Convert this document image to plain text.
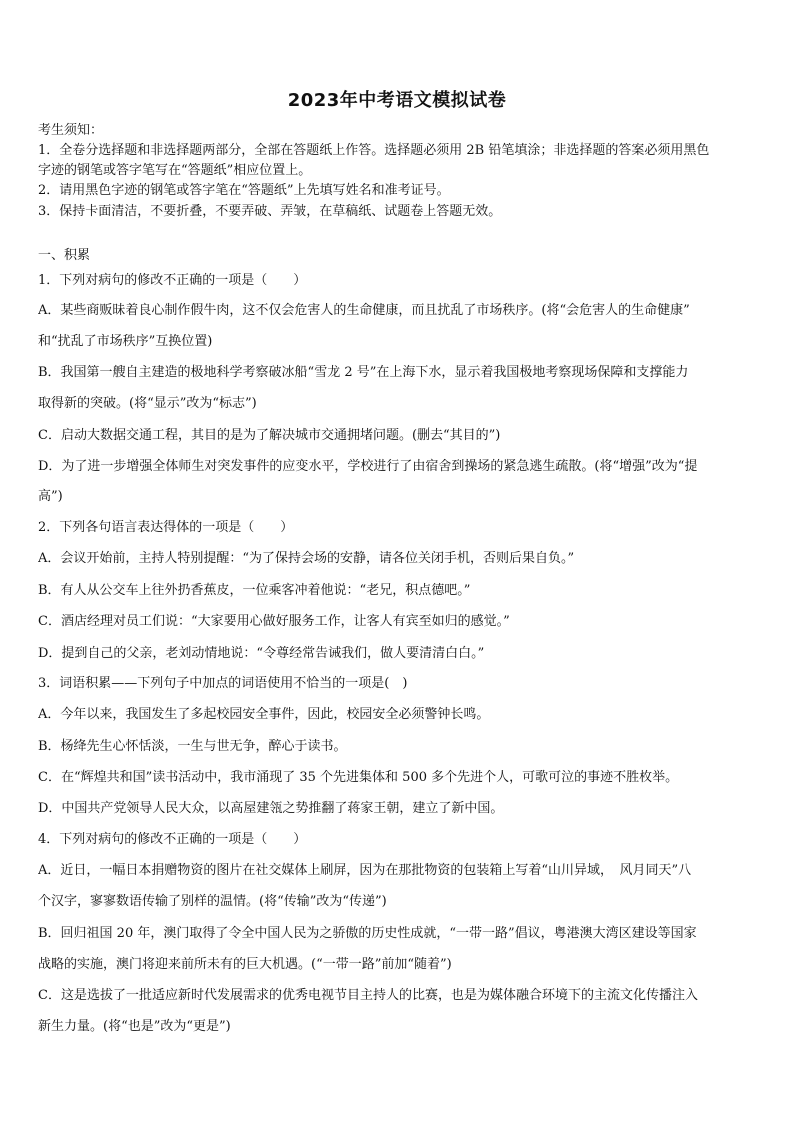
2023年中考语文模拟试卷
考生须知：
1．全卷分选择题和非选择题两部分，全部在答题纸上作答。选择题必须用 2B 铅笔填涂；非选择题的答案必须用黑色
字迹的钢笔或答字笔写在“答题纸”相应位置上。
2．请用黑色字迹的钢笔或答字笔在“答题纸”上先填写姓名和准考证号。
3．保持卡面清洁，不要折叠，不要弄破、弄皱，在草稿纸、试题卷上答题无效。
一、积累
1．下列对病句的修改不正确的一项是（　　）
A．某些商贩昧着良心制作假牛肉，这不仅会危害人的生命健康，而且扰乱了市场秩序。(将“会危害人的生命健康”
和“扰乱了市场秩序”互换位置)
B．我国第一艘自主建造的极地科学考察破冰船“雪龙 2 号”在上海下水，显示着我国极地考察现场保障和支撑能力
取得新的突破。(将“显示”改为“标志”)
C．启动大数据交通工程，其目的是为了解决城市交通拥堵问题。(删去“其目的”)
D．为了进一步增强全体师生对突发事件的应变水平，学校进行了由宿舍到操场的紧急逃生疏散。(将“增强”改为“提
高”)
2．下列各句语言表达得体的一项是（　　）
A．会议开始前，主持人特别提醒：“为了保持会场的安静，请各位关闭手机，否则后果自负。”
B．有人从公交车上往外扔香蕉皮，一位乘客冲着他说：“老兄，积点德吧。”
C．酒店经理对员工们说：“大家要用心做好服务工作，让客人有宾至如归的感觉。”
D．提到自己的父亲，老刘动情地说：“令尊经常告诫我们，做人要清清白白。”
3．词语积累——下列句子中加点的词语使用不恰当的一项是(　)
A．今年以来，我国发生了多起校园安全事件，因此，校园安全必须警钟长鸣。
B．杨绛先生心怀恬淡，一生与世无争，醉心于读书。
C．在“辉煌共和国”读书活动中，我市涌现了 35 个先进集体和 500 多个先进个人，可歌可泣的事迹不胜枚举。
D．中国共产党领导人民大众，以高屋建瓴之势推翻了蒋家王朝，建立了新中国。
4．下列对病句的修改不正确的一项是（　　）
A．近日，一幅日本捐赠物资的图片在社交媒体上刷屏，因为在那批物资的包装箱上写着“山川异域，　风月同天”八
个汉字，寥寥数语传输了别样的温情。(将“传输”改为“传递”)
B．回归祖国 20 年，澳门取得了令全中国人民为之骄傲的历史性成就，“一带一路”倡议，粤港澳大湾区建设等国家
战略的实施，澳门将迎来前所未有的巨大机遇。(“一带一路”前加“随着”)
C．这是选拔了一批适应新时代发展需求的优秀电视节目主持人的比赛，也是为媒体融合环境下的主流文化传播注入
新生力量。(将“也是”改为“更是”)
